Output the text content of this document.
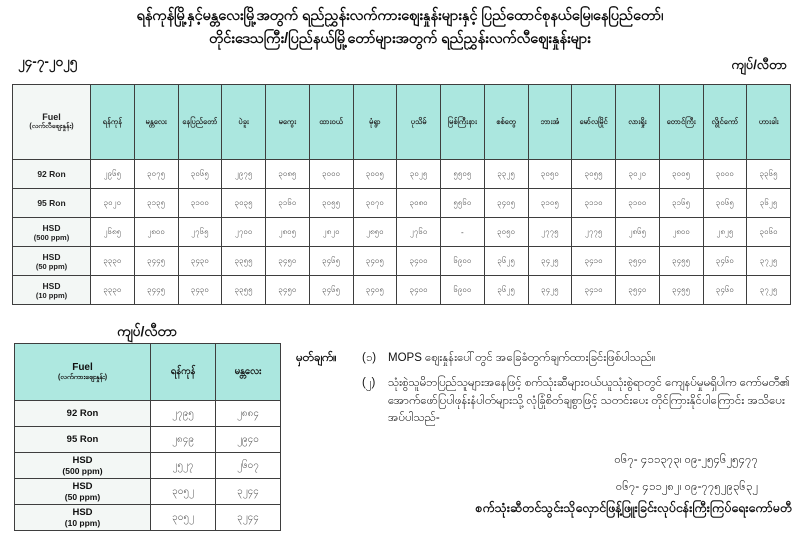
ရန်ကုန်မြို့နှင့်မန္တလေးမြို့အတွက် ရည်ညွှန်းလက်ကားဈေးနှုန်းများနှင့် ပြည်ထောင်စုနယ်မြေ၊နေပြည်တော်၊
တိုင်းဒေသကြီး/ပြည်နယ်မြို့တော်များအတွက် ရည်ညွှန်းလက်လီဈေးနှုန်းများ
၂၄-၇-၂၀၂၅	ကျပ်/လီတာ
Fuel
(လက်လီဈေးနှုန်း)	ရန်ကုန်	မန္တလေး	နေပြည်တော်	ပဲခူး	မကွေး	ထားဝယ်	မုံရွာ	ပုသိမ်	မြစ်ကြီးနား	စစ်တွေ	ဘားအံ	မော်လမြိုင်	လားရှိုး	တောင်ကြီး	လွိုင်ကော်	ဟားခါး

92 Ron	၂၉၆၅	၃၀၇၅	၃၀၆၅	၂၉၇၅	၃၀၈၅	၃၀၀၀	၃၀၀၅	၃၀၂၅	၅၅၀၅	၃၃၂၅	၃၀၅၀	၃၀၅၅	၃၀၂၀	၃၀၀၅	၃၀၀၀	၃၃၆၅

95 Ron	၃၀၂၀	၃၁၃၅	၃၁၀၀	၃၀၃၅	၃၁၆၀	၃၀၅၅	၃၀၇၀	၃၀၈၀	၅၅၆၀	၃၄၀၅	၃၁၀၅	၃၁၁၀	၃၁၀၀	၃၁၆၅	၃၀၆၅	၃၆၂၅

HSD
(500 ppm)	၂၆၈၅	၂၈၀၀	၂၇၆၅	၂၇၀၀	၂၈၀၅	၂၈၂၀	၂၈၅၀	၂၇၆၀	-	၃၀၅၀	၂၇၇၅	၂၇၇၅	၂၈၆၅	၂၈၀၀	၂၈၂၅	၃၀၆၀

HSD
(50 ppm)	၃၃၃၀	၃၄၄၅	၃၄၃၀	၃၃၅၅	၃၄၅၀	၃၄၆၅	၃၄၀၅	၃၄၀၀	၆၉၀၀	၃၆၂၅	၃၄၂၅	၃၄၁၀	၃၅၄၀	၃၄၅၅	၃၄၆၀	၃၇၂၅

HSD
(10 ppm)	၃၃၃၀	၃၄၄၅	၃၄၃၀	၃၃၅၅	၃၄၅၀	၃၄၆၅	၃၄၀၅	၃၄၀၀	၆၉၀၀	၃၆၂၅	၃၄၂၅	၃၄၁၀	၃၅၄၀	၃၄၅၅	၃၄၆၀	၃၇၂၅
ကျပ်/လီတာ
Fuel
(လက်ကားဈေးနှုန်း)	ရန်ကုန်	မန္တလေး

92 Ron	၂၇၉၅	၂၈၈၄

95 Ron	၂၈၄၉	၂၉၄၀

HSD
(500 ppm)	၂၅၂၇	၂၆၀၇

HSD
(50 ppm)	၃၀၅၂	၃၂၄၄

HSD
(10 ppm)	၃၀၅၂	၃၂၄၄
မှတ်ချက်။	(၁)	MOPS ဈေးနှုန်းပေါ်တွင် အခြေခံတွက်ချက်ထားခြင်းဖြစ်ပါသည်။
(၂)	သုံးစွဲသူမိဘပြည်သူများအနေဖြင့် စက်သုံးဆီများဝယ်ယူသုံးစွဲရာတွင် ကျေနပ်မှုမရှိပါက ကော်မတီ၏ အောက်ဖော်ပြပါဖုန်းနံပါတ်များသို့ လုံခြုံစိတ်ချစွာဖြင့် သတင်းပေး တိုင်ကြားနိုင်ပါကြောင်း အသိပေးအပ်ပါသည်-
၀၆၇- ၄၁၁၃၇၃၊ ၀၉-၂၅၄၆၂၅၄၇၇
၀၆၇- ၄၁၁၂၈၂၊ ၀၉-၇၇၅၂၉၃၆၃၂
စက်သုံးဆီတင်သွင်းသိုလှောင်ဖြန့်ဖြူးခြင်းလုပ်ငန်းကြီးကြပ်ရေးကော်မတီ
